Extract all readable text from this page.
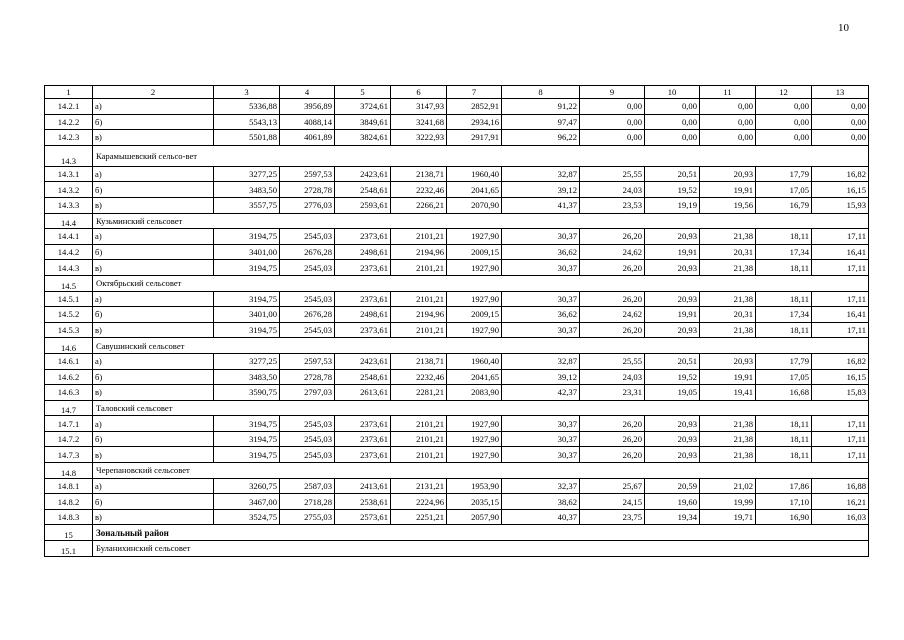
10
1	2	3	4	5	6	7	8	9	10	11	12	13
14.2.1	а)	5336,88	3956,89	3724,61	3147,93	2852,91	91,22	0,00	0,00	0,00	0,00	0,00
14.2.2	б)	5543,13	4088,14	3849,61	3241,68	2934,16	97,47	0,00	0,00	0,00	0,00	0,00
14.2.3	в)	5501,88	4061,89	3824,61	3222,93	2917,91	96,22	0,00	0,00	0,00	0,00	0,00
14.3	Карамышевский сельсо-вет											
14.3.1	а)	3277,25	2597,53	2423,61	2138,71	1960,40	32,87	25,55	20,51	20,93	17,79	16,82
14.3.2	б)	3483,50	2728,78	2548,61	2232,46	2041,65	39,12	24,03	19,52	19,91	17,05	16,15
14.3.3	в)	3557,75	2776,03	2593,61	2266,21	2070,90	41,37	23,53	19,19	19,56	16,79	15,93
14.4	Кузьминский сельсовет											
14.4.1	а)	3194,75	2545,03	2373,61	2101,21	1927,90	30,37	26,20	20,93	21,38	18,11	17,11
14.4.2	б)	3401,00	2676,28	2498,61	2194,96	2009,15	36,62	24,62	19,91	20,31	17,34	16,41
14.4.3	в)	3194,75	2545,03	2373,61	2101,21	1927,90	30,37	26,20	20,93	21,38	18,11	17,11
14.5	Октябрьский сельсовет											
14.5.1	а)	3194,75	2545,03	2373,61	2101,21	1927,90	30,37	26,20	20,93	21,38	18,11	17,11
14.5.2	б)	3401,00	2676,28	2498,61	2194,96	2009,15	36,62	24,62	19,91	20,31	17,34	16,41
14.5.3	в)	3194,75	2545,03	2373,61	2101,21	1927,90	30,37	26,20	20,93	21,38	18,11	17,11
14.6	Савушинский сельсовет											
14.6.1	а)	3277,25	2597,53	2423,61	2138,71	1960,40	32,87	25,55	20,51	20,93	17,79	16,82
14.6.2	б)	3483,50	2728,78	2548,61	2232,46	2041,65	39,12	24,03	19,52	19,91	17,05	16,15
14.6.3	в)	3590,75	2797,03	2613,61	2281,21	2083,90	42,37	23,31	19,05	19,41	16,68	15,83
14.7	Таловский сельсовет											
14.7.1	а)	3194,75	2545,03	2373,61	2101,21	1927,90	30,37	26,20	20,93	21,38	18,11	17,11
14.7.2	б)	3194,75	2545,03	2373,61	2101,21	1927,90	30,37	26,20	20,93	21,38	18,11	17,11
14.7.3	в)	3194,75	2545,03	2373,61	2101,21	1927,90	30,37	26,20	20,93	21,38	18,11	17,11
14.8	Черепановский сельсовет											
14.8.1	а)	3260,75	2587,03	2413,61	2131,21	1953,90	32,37	25,67	20,59	21,02	17,86	16,88
14.8.2	б)	3467,00	2718,28	2538,61	2224,96	2035,15	38,62	24,15	19,60	19,99	17,10	16,21
14.8.3	в)	3524,75	2755,03	2573,61	2251,21	2057,90	40,37	23,75	19,34	19,71	16,90	16,03
15	Зональный район											
15.1	Буланихинский сельсовет											
